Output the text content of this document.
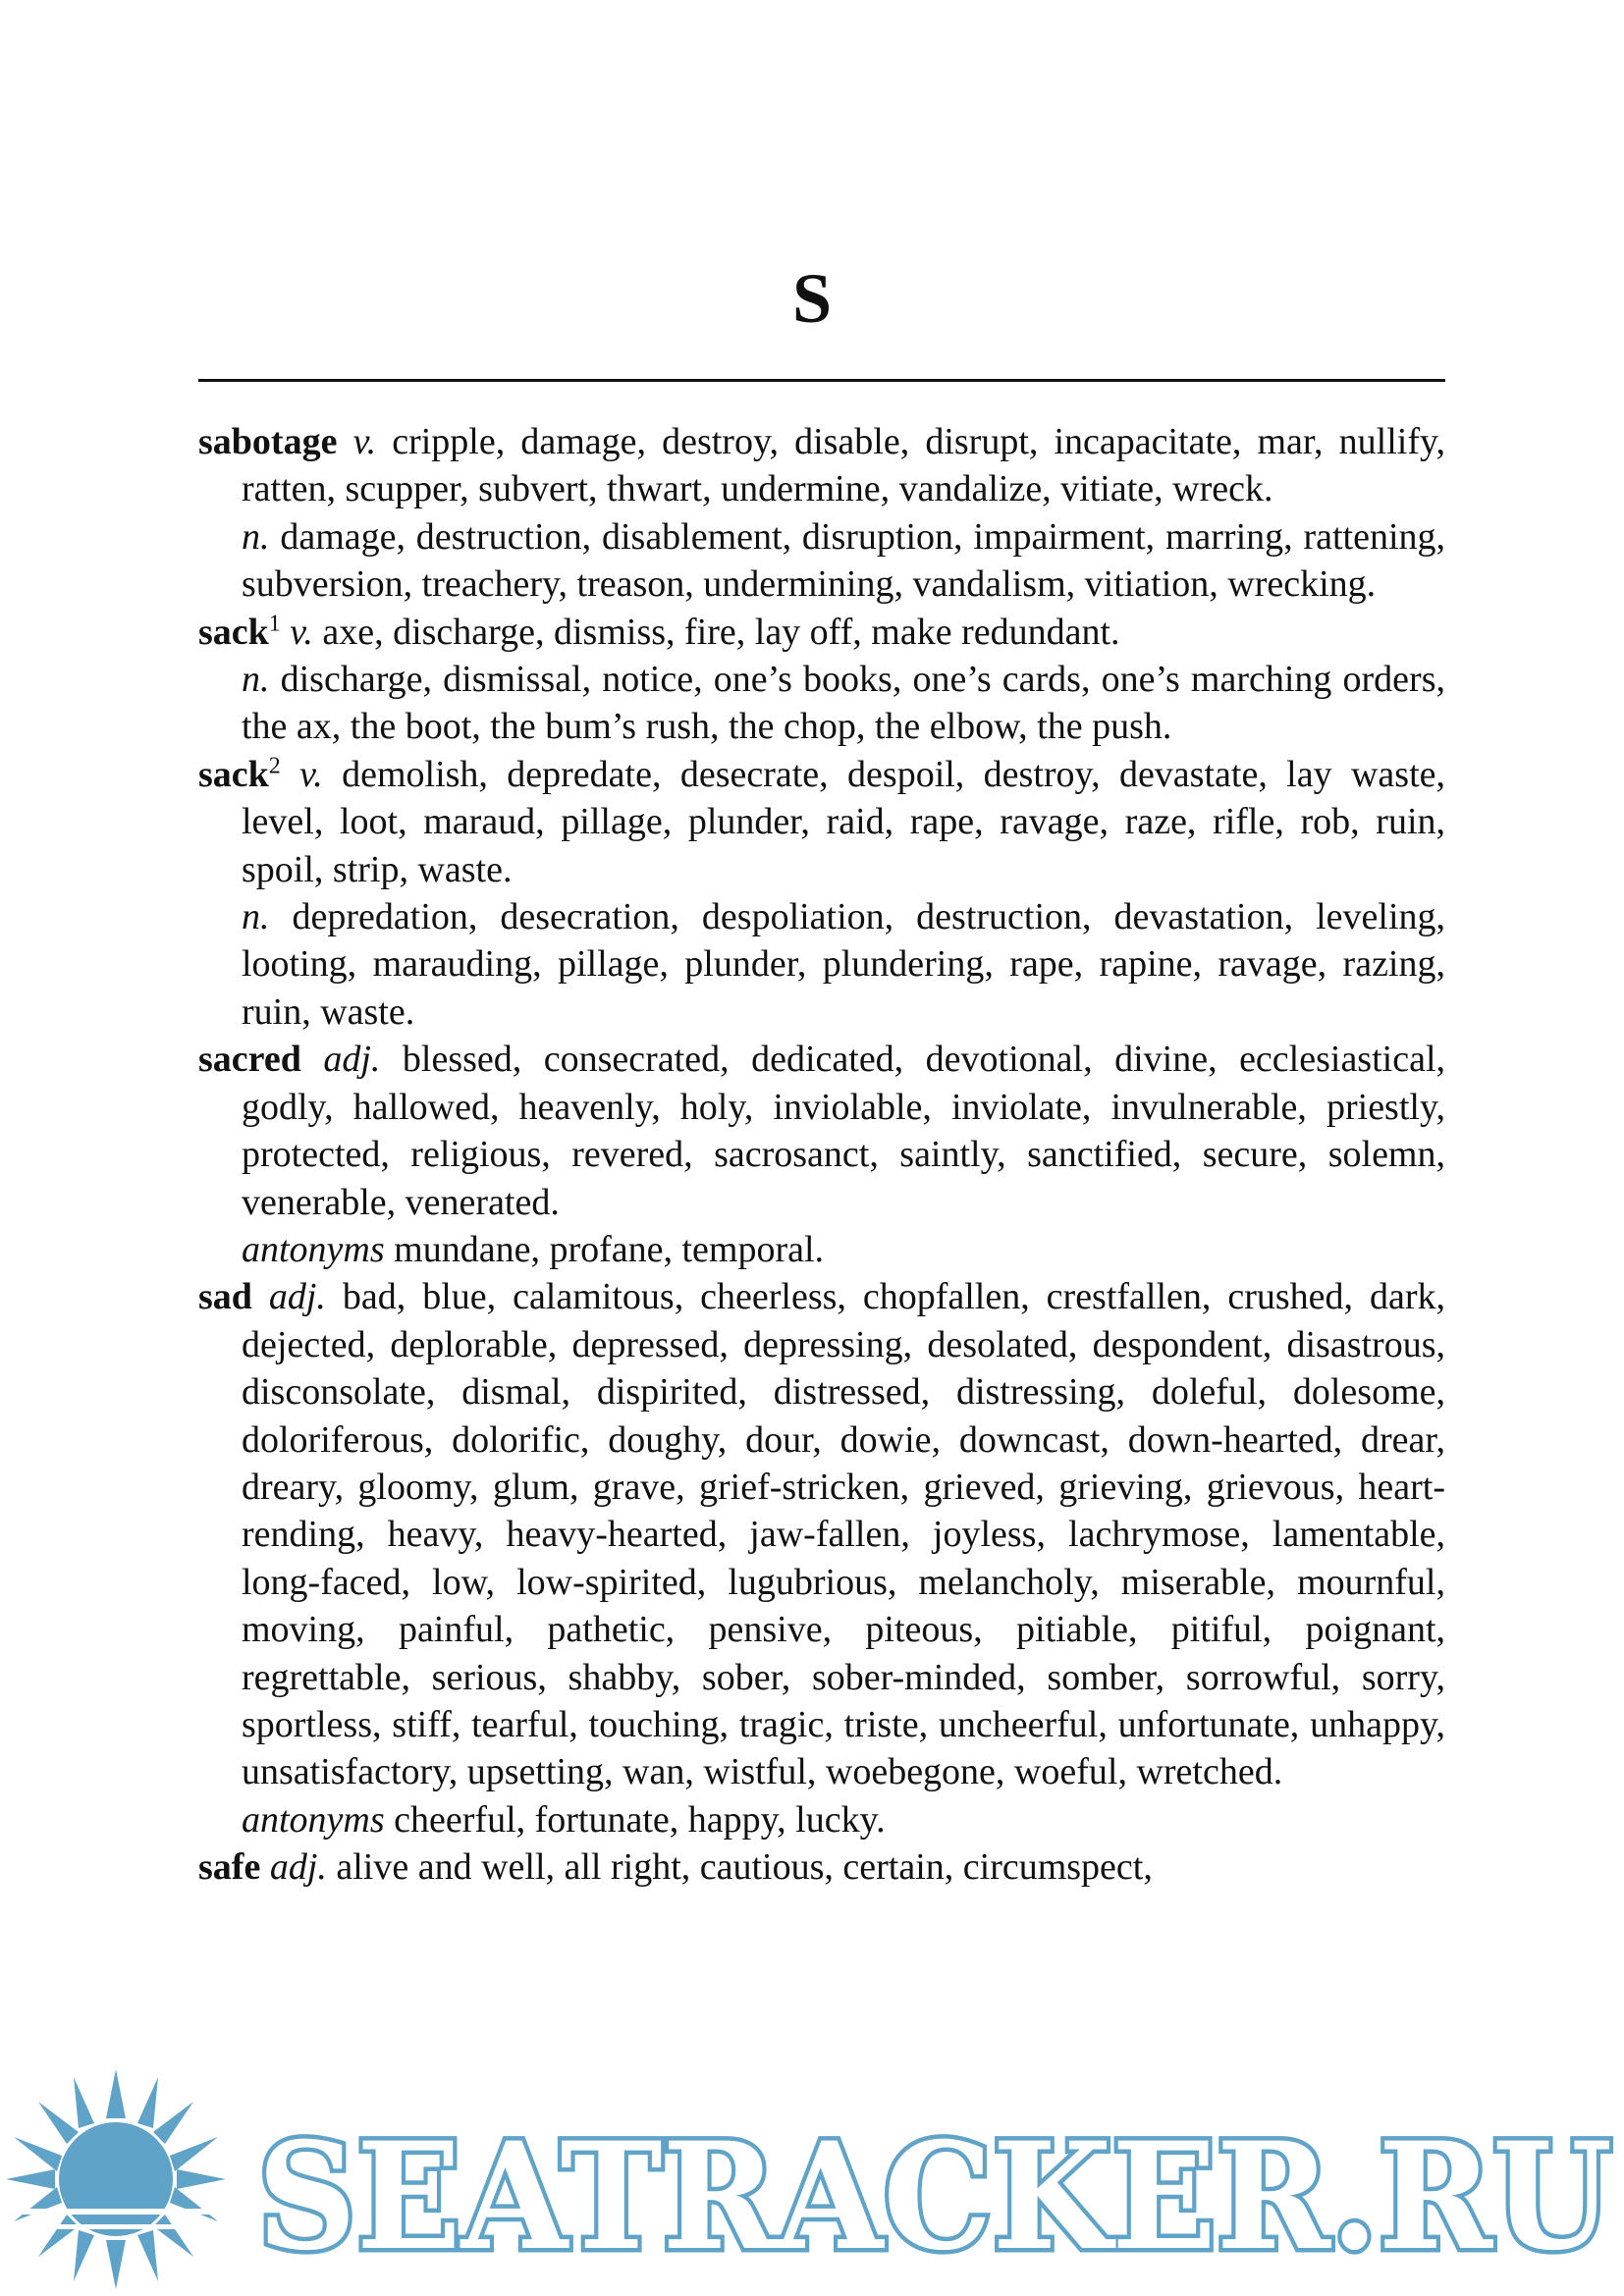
S

sabotage v. cripple, damage, destroy, disable, disrupt, incapacitate, mar, nullify, ratten, scupper, subvert, thwart, undermine, vandalize, vitiate, wreck.

n. damage, destruction, disablement, disruption, impairment, marring, rattening, subversion, treachery, treason, undermining, vandalism, vitiation, wrecking.

sack$^1$ v. axe, discharge, dismiss, fire, lay off, make redundant.

n. discharge, dismissal, notice, one’s books, one’s cards, one’s marching orders, the ax, the boot, the bum’s rush, the chop, the elbow, the push.

sack$^2$ v. demolish, depredate, desecrate, despoil, destroy, devastate, lay waste, level, loot, maraud, pillage, plunder, raid, rape, ravage, raze, rifle, rob, ruin, spoil, strip, waste.

n. depredation, desecration, despoliation, destruction, devastation, leveling, looting, marauding, pillage, plunder, plundering, rape, rapine, ravage, razing, ruin, waste.

sacred adj. blessed, consecrated, dedicated, devotional, divine, ecclesiastical, godly, hallowed, heavenly, holy, inviolable, inviolate, invulnerable, priestly, protected, religious, revered, sacrosanct, saintly, sanctified, secure, solemn, venerable, venerated.

antonyms mundane, profane, temporal.

sad adj. bad, blue, calamitous, cheerless, chopfallen, crestfallen, crushed, dark, dejected, deplorable, depressed, depressing, desolated, despondent, disastrous, disconsolate, dismal, dispirited, distressed, distressing, doleful, dolesome, doloriferous, dolorific, doughy, dour, dowie, downcast, down-hearted, drear, dreary, gloomy, glum, grave, grief-stricken, grieved, grieving, grievous, heart-rending, heavy, heavy-hearted, jaw-fallen, joyless, lachrymose, lamentable, long-faced, low, low-spirited, lugubrious, melancholy, miserable, mournful, moving, painful, pathetic, pensive, piteous, pitiable, pitiful, poignant, regrettable, serious, shabby, sober, sober-minded, somber, sorrowful, sorry, sportless, stiff, tearful, touching, tragic, triste, uncheerful, unfortunate, unhappy, unsatisfactory, upsetting, wan, wistful, woebegone, woeful, wretched.

antonyms cheerful, fortunate, happy, lucky.

safe adj. alive and well, all right, cautious, certain, circumspect,

SEATRACKER.RU
